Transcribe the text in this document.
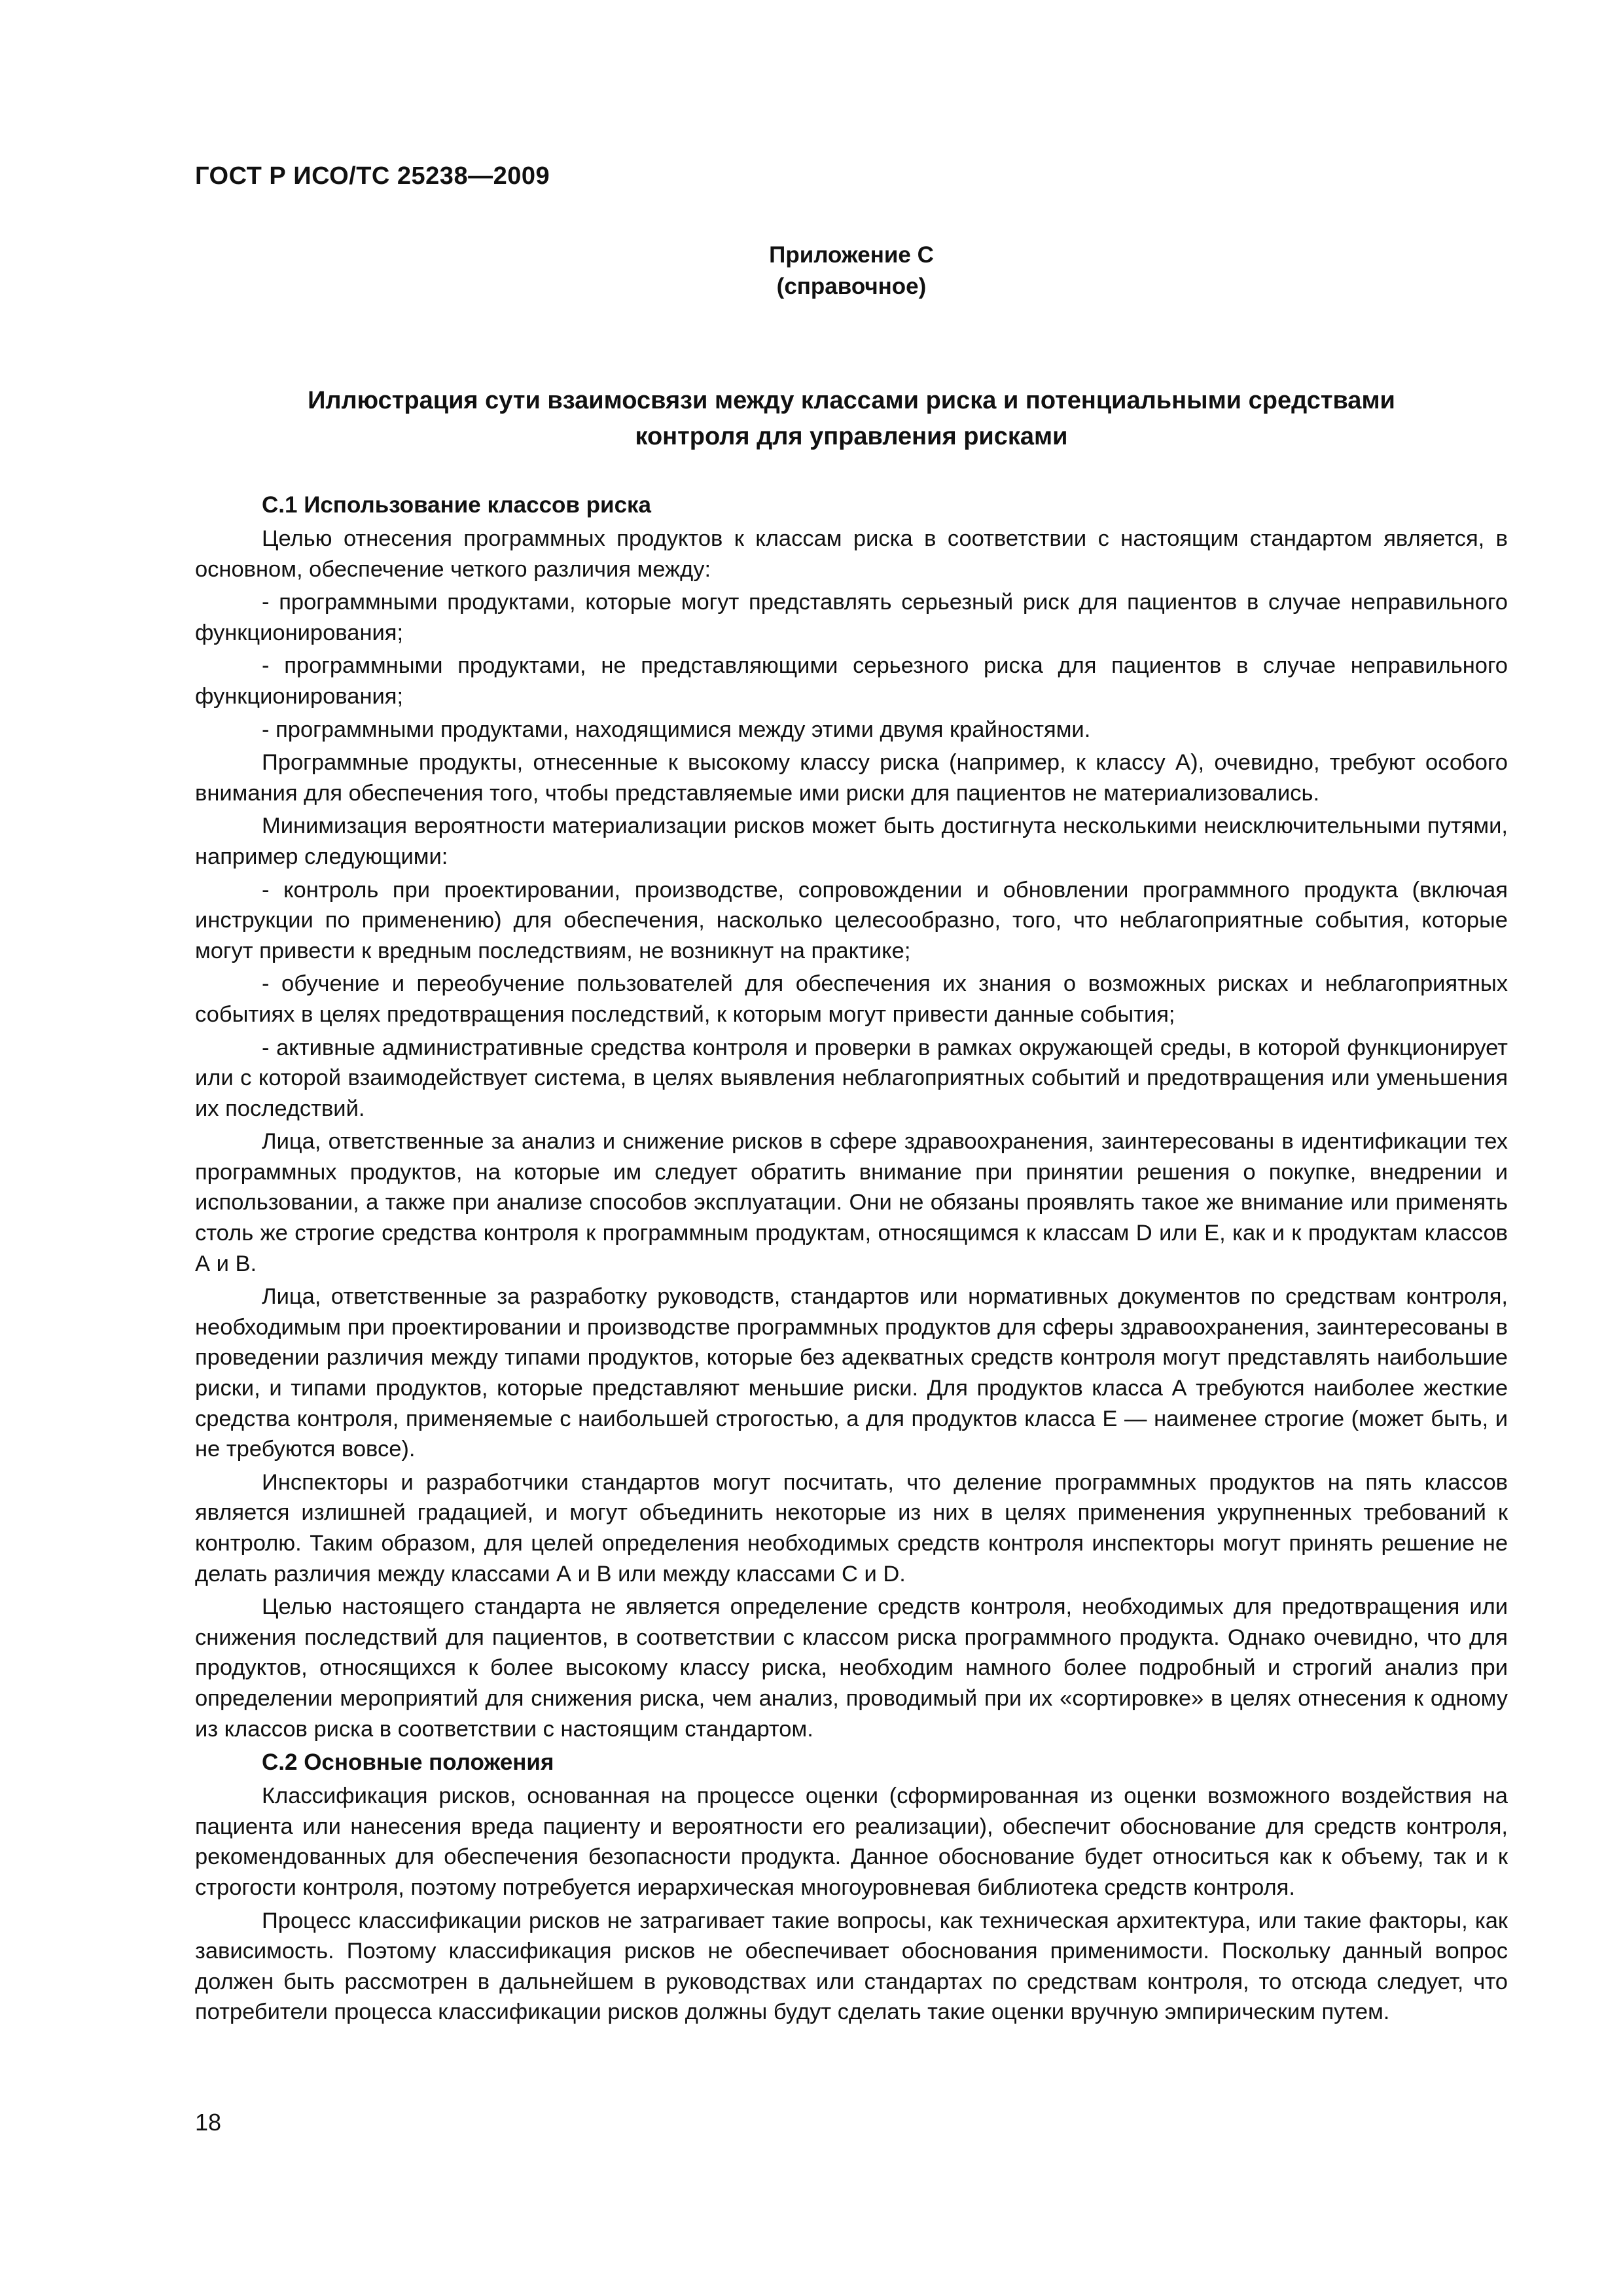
ГОСТ Р ИСО/ТС 25238—2009
Приложение С
(справочное)
Иллюстрация сути взаимосвязи между классами риска и потенциальными средствами
контроля для управления рисками
С.1 Использование классов риска

Целью отнесения программных продуктов к классам риска в соответствии с настоящим стандартом является, в основном, обеспечение четкого различия между:

- программными продуктами, которые могут представлять серьезный риск для пациентов в случае неправильного функционирования;

- программными продуктами, не представляющими серьезного риска для пациентов в случае неправильного функционирования;

- программными продуктами, находящимися между этими двумя крайностями.

Программные продукты, отнесенные к высокому классу риска (например, к классу А), очевидно, требуют особого внимания для обеспечения того, чтобы представляемые ими риски для пациентов не материализовались.

Минимизация вероятности материализации рисков может быть достигнута несколькими неисключительными путями, например следующими:

- контроль при проектировании, производстве, сопровождении и обновлении программного продукта (включая инструкции по применению) для обеспечения, насколько целесообразно, того, что неблагоприятные события, которые могут привести к вредным последствиям, не возникнут на практике;

- обучение и переобучение пользователей для обеспечения их знания о возможных рисках и неблагоприятных событиях в целях предотвращения последствий, к которым могут привести данные события;

- активные административные средства контроля и проверки в рамках окружающей среды, в которой функционирует или с которой взаимодействует система, в целях выявления неблагоприятных событий и предотвращения или уменьшения их последствий.

Лица, ответственные за анализ и снижение рисков в сфере здравоохранения, заинтересованы в идентификации тех программных продуктов, на которые им следует обратить внимание при принятии решения о покупке, внедрении и использовании, а также при анализе способов эксплуатации. Они не обязаны проявлять такое же внимание или применять столь же строгие средства контроля к программным продуктам, относящимся к классам D или Е, как и к продуктам классов А и В.

Лица, ответственные за разработку руководств, стандартов или нормативных документов по средствам контроля, необходимым при проектировании и производстве программных продуктов для сферы здравоохранения, заинтересованы в проведении различия между типами продуктов, которые без адекватных средств контроля могут представлять наибольшие риски, и типами продуктов, которые представляют меньшие риски. Для продуктов класса А требуются наиболее жесткие средства контроля, применяемые с наибольшей строгостью, а для продуктов класса Е — наименее строгие (может быть, и не требуются вовсе).

Инспекторы и разработчики стандартов могут посчитать, что деление программных продуктов на пять классов является излишней градацией, и могут объединить некоторые из них в целях применения укрупненных требований к контролю. Таким образом, для целей определения необходимых средств контроля инспекторы могут принять решение не делать различия между классами А и В или между классами С и D.

Целью настоящего стандарта не является определение средств контроля, необходимых для предотвращения или снижения последствий для пациентов, в соответствии с классом риска программного продукта. Однако очевидно, что для продуктов, относящихся к более высокому классу риска, необходим намного более подробный и строгий анализ при определении мероприятий для снижения риска, чем анализ, проводимый при их «сортировке» в целях отнесения к одному из классов риска в соответствии с настоящим стандартом.

С.2 Основные положения

Классификация рисков, основанная на процессе оценки (сформированная из оценки возможного воздействия на пациента или нанесения вреда пациенту и вероятности его реализации), обеспечит обоснование для средств контроля, рекомендованных для обеспечения безопасности продукта. Данное обоснование будет относиться как к объему, так и к строгости контроля, поэтому потребуется иерархическая многоуровневая библиотека средств контроля.

Процесс классификации рисков не затрагивает такие вопросы, как техническая архитектура, или такие факторы, как зависимость. Поэтому классификация рисков не обеспечивает обоснования применимости. Поскольку данный вопрос должен быть рассмотрен в дальнейшем в руководствах или стандартах по средствам контроля, то отсюда следует, что потребители процесса классификации рисков должны будут сделать такие оценки вручную эмпирическим путем.

18
